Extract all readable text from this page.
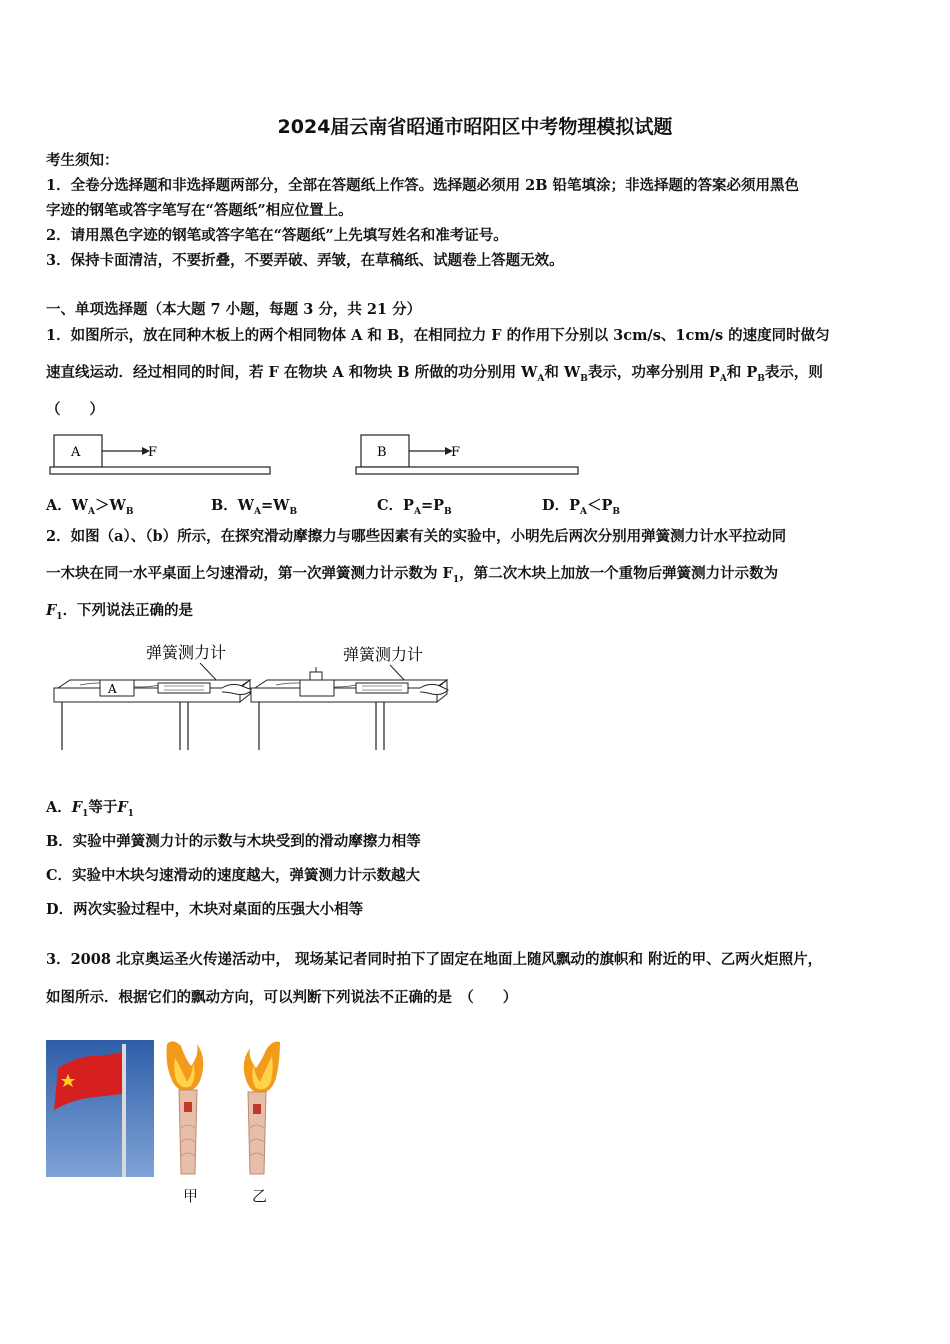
2024届云南省昭通市昭阳区中考物理模拟试题
考生须知：
1．全卷分选择题和非选择题两部分，全部在答题纸上作答。选择题必须用 2B 铅笔填涂；非选择题的答案必须用黑色
字迹的钢笔或答字笔写在“答题纸”相应位置上。
2．请用黑色字迹的钢笔或答字笔在“答题纸”上先填写姓名和准考证号。
3．保持卡面清洁，不要折叠，不要弄破、弄皱，在草稿纸、试题卷上答题无效。
一、单项选择题（本大题 7 小题，每题 3 分，共 21 分）
1．如图所示，放在同种木板上的两个相同物体 A 和 B，在相同拉力 F 的作用下分别以 3cm/s、1cm/s 的速度同时做匀
速直线运动．经过相同的时间，若 F 在物块 A 和物块 B 所做的功分别用 $W_A$和 $W_B$表示，功率分别用 $P_A$和 $P_B$表示，则
（　　）
A	F	B	F
A．$W_A>W_B$	B．$W_A=W_B$	C．$P_A=P_B$	D．$P_A<P_B$
2．如图（a）、（b）所示，在探究滑动摩擦力与哪些因素有关的实验中，小明先后两次分别用弹簧测力计水平拉动同
一木块在同一水平桌面上匀速滑动，第一次弹簧测力计示数为 $F_1$，第二次木块上加放一个重物后弹簧测力计示数为
$F_1$．下列说法正确的是
弹簧测力计
A
弹簧测力计
A．$F_1$等于$F_1$
B．实验中弹簧测力计的示数与木块受到的滑动摩擦力相等
C．实验中木块匀速滑动的速度越大，弹簧测力计示数越大
D．两次实验过程中，木块对桌面的压强大小相等
3．2008 北京奥运圣火传递活动中， 现场某记者同时拍下了固定在地面上随风飘动的旗帜和 附近的甲、乙两火炬照片，
如图所示．根据它们的飘动方向，可以判断下列说法不正确的是　（　　）
甲	乙
